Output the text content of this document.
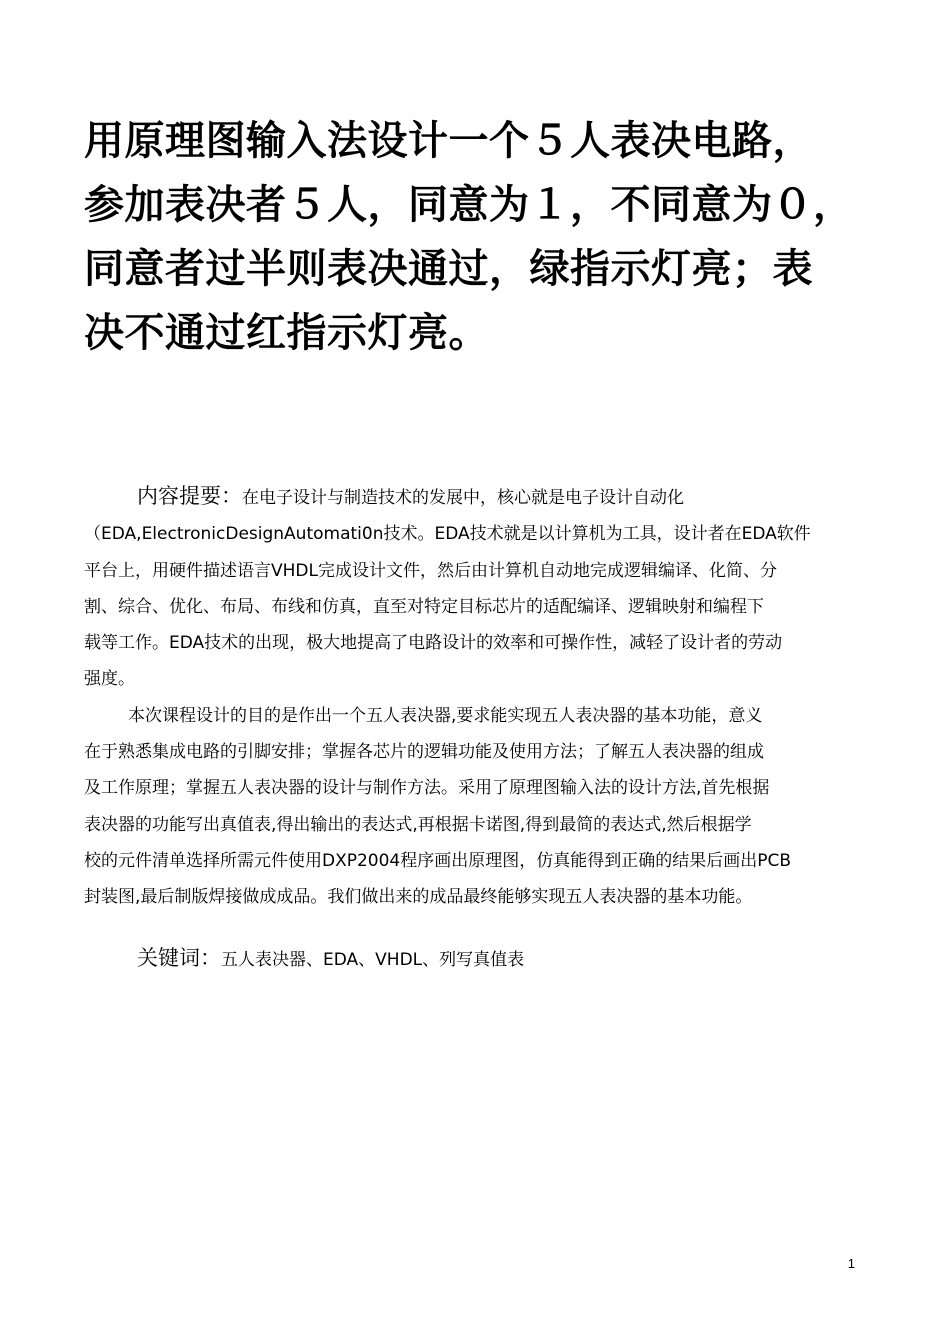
用原理图输入法设计一个５人表决电路，
参加表决者５人，同意为１，不同意为０，
同意者过半则表决通过，绿指示灯亮；表
决不通过红指示灯亮。
内容提要：在电子设计与制造技术的发展中，核心就是电子设计自动化
（EDA,ElectronicDesignAutomati0n技术。EDA技术就是以计算机为工具，设计者在EDA软件
平台上，用硬件描述语言VHDL完成设计文件，然后由计算机自动地完成逻辑编译、化简、分
割、综合、优化、布局、布线和仿真，直至对特定目标芯片的适配编译、逻辑映射和编程下
载等工作。EDA技术的出现，极大地提高了电路设计的效率和可操作性，减轻了设计者的劳动
强度。
本次课程设计的目的是作出一个五人表决器,要求能实现五人表决器的基本功能，意义
在于熟悉集成电路的引脚安排；掌握各芯片的逻辑功能及使用方法；了解五人表决器的组成
及工作原理；掌握五人表决器的设计与制作方法。采用了原理图输入法的设计方法,首先根据
表决器的功能写出真值表,得出输出的表达式,再根据卡诺图,得到最简的表达式,然后根据学
校的元件清单选择所需元件使用DXP2004程序画出原理图，仿真能得到正确的结果后画出PCB
封装图,最后制版焊接做成成品。我们做出来的成品最终能够实现五人表决器的基本功能。
关键词：五人表决器、EDA、VHDL、列写真值表
1
